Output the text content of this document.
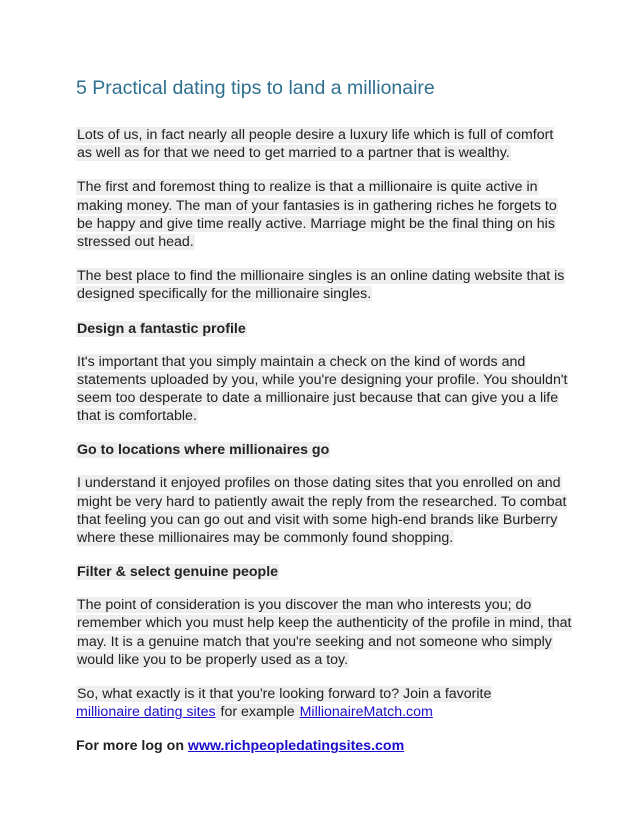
5 Practical dating tips to land a millionaire

Lots of us, in fact nearly all people desire a luxury life which is full of comfort as well as for that we need to get married to a partner that is wealthy.

The first and foremost thing to realize is that a millionaire is quite active in making money. The man of your fantasies is in gathering riches he forgets to be happy and give time really active. Marriage might be the final thing on his stressed out head.

The best place to find the millionaire singles is an online dating website that is designed specifically for the millionaire singles.

Design a fantastic profile

It's important that you simply maintain a check on the kind of words and statements uploaded by you, while you're designing your profile. You shouldn't seem too desperate to date a millionaire just because that can give you a life that is comfortable.

Go to locations where millionaires go

I understand it enjoyed profiles on those dating sites that you enrolled on and might be very hard to patiently await the reply from the researched. To combat that feeling you can go out and visit with some high-end brands like Burberry where these millionaires may be commonly found shopping.

Filter & select genuine people

The point of consideration is you discover the man who interests you; do remember which you must help keep the authenticity of the profile in mind, that may. It is a genuine match that you're seeking and not someone who simply would like you to be properly used as a toy.

So, what exactly is it that you're looking forward to? Join a favorite
millionaire dating sites for example MillionaireMatch.com

For more log on www.richpeopledatingsites.com
